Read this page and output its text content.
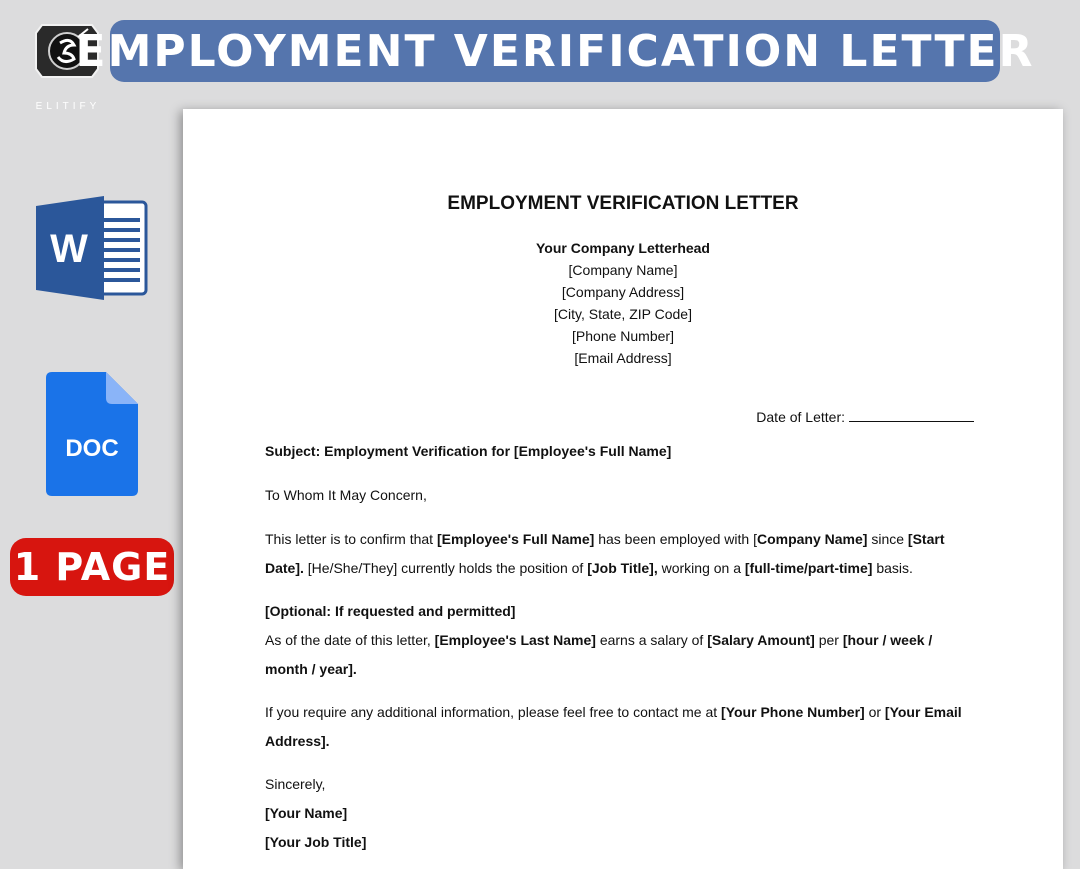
ELITIFY
EMPLOYMENT VERIFICATION LETTER
W
DOC
1 PAGE
EMPLOYMENT VERIFICATION LETTER
Your Company Letterhead
[Company Name]
[Company Address]
[City, State, ZIP Code]
[Phone Number]
[Email Address]
Date of Letter:
Subject: Employment Verification for [Employee's Full Name]
To Whom It May Concern,
This letter is to confirm that [Employee's Full Name] has been employed with [Company Name] since [Start Date]. [He/She/They] currently holds the position of [Job Title], working on a [full-time/part-time] basis.
[Optional: If requested and permitted]
As of the date of this letter, [Employee's Last Name] earns a salary of [Salary Amount] per [hour / week / month / year].
If you require any additional information, please feel free to contact me at [Your Phone Number] or [Your Email Address].
Sincerely,
[Your Name]
[Your Job Title]
